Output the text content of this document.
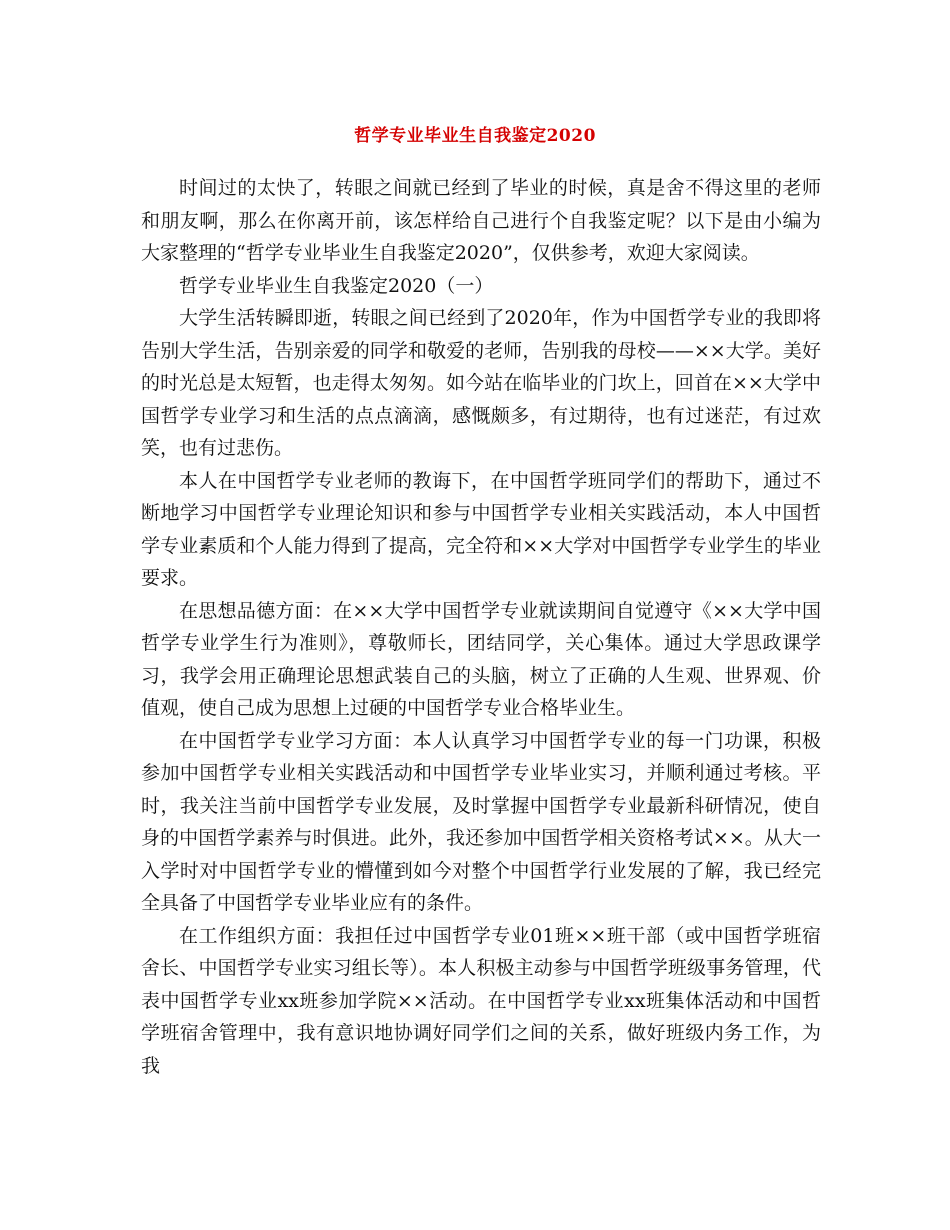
哲学专业毕业生自我鉴定2020

时间过的太快了，转眼之间就已经到了毕业的时候，真是舍不得这里的老师和朋友啊，那么在你离开前，该怎样给自己进行个自我鉴定呢？以下是由小编为大家整理的“哲学专业毕业生自我鉴定2020”，仅供参考，欢迎大家阅读。

哲学专业毕业生自我鉴定2020（一）

大学生活转瞬即逝，转眼之间已经到了2020年，作为中国哲学专业的我即将告别大学生活，告别亲爱的同学和敬爱的老师，告别我的母校——××大学。美好的时光总是太短暂，也走得太匆匆。如今站在临毕业的门坎上，回首在××大学中国哲学专业学习和生活的点点滴滴，感慨颇多，有过期待，也有过迷茫，有过欢笑，也有过悲伤。

本人在中国哲学专业老师的教诲下，在中国哲学班同学们的帮助下，通过不断地学习中国哲学专业理论知识和参与中国哲学专业相关实践活动，本人中国哲学专业素质和个人能力得到了提高，完全符和××大学对中国哲学专业学生的毕业要求。

在思想品德方面：在××大学中国哲学专业就读期间自觉遵守《××大学中国哲学专业学生行为准则》，尊敬师长，团结同学，关心集体。通过大学思政课学习，我学会用正确理论思想武装自己的头脑，树立了正确的人生观、世界观、价值观，使自己成为思想上过硬的中国哲学专业合格毕业生。

在中国哲学专业学习方面：本人认真学习中国哲学专业的每一门功课，积极参加中国哲学专业相关实践活动和中国哲学专业毕业实习，并顺利通过考核。平时，我关注当前中国哲学专业发展，及时掌握中国哲学专业最新科研情况，使自身的中国哲学素养与时俱进。此外，我还参加中国哲学相关资格考试××。从大一入学时对中国哲学专业的懵懂到如今对整个中国哲学行业发展的了解，我已经完全具备了中国哲学专业毕业应有的条件。

在工作组织方面：我担任过中国哲学专业01班××班干部（或中国哲学班宿舍长、中国哲学专业实习组长等）。本人积极主动参与中国哲学班级事务管理，代表中国哲学专业xx班参加学院××活动。在中国哲学专业xx班集体活动和中国哲学班宿舍管理中，我有意识地协调好同学们之间的关系，做好班级内务工作，为我
